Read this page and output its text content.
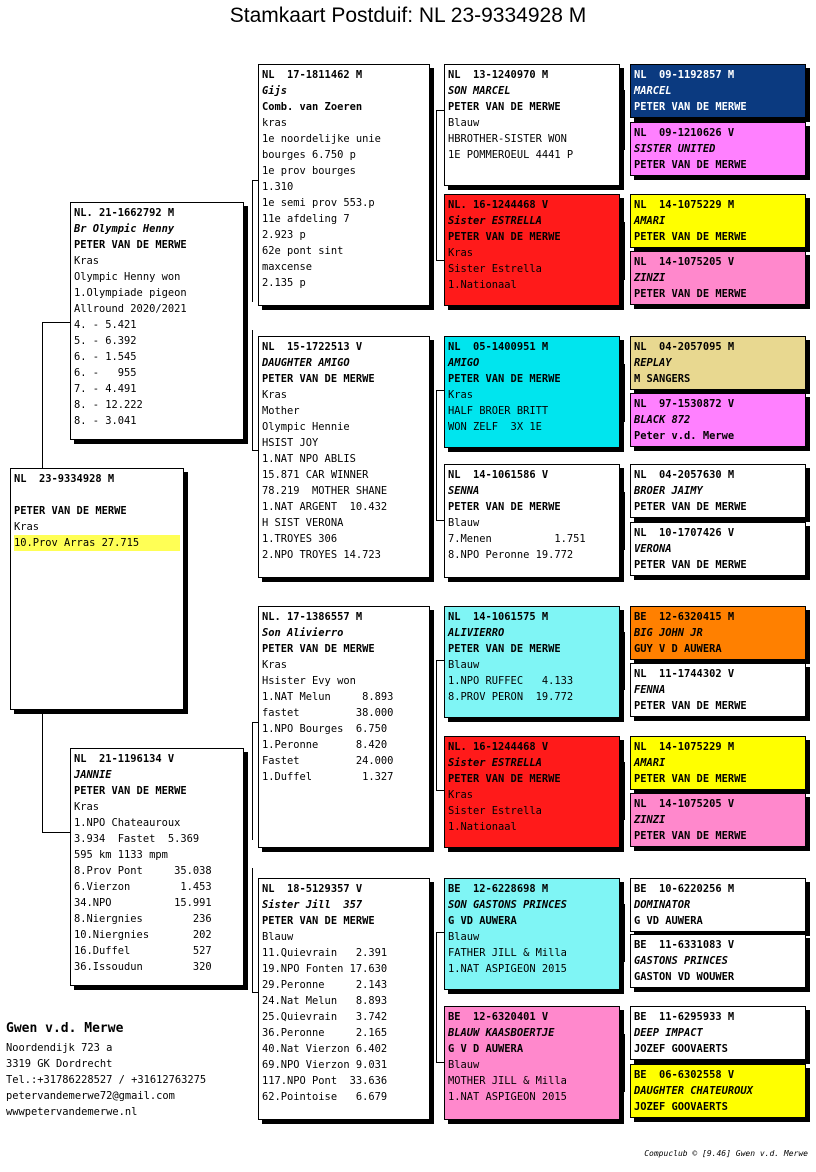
Stamkaart Postduif: NL 23-9334928 M
NL  23-9334928 M
PETER VAN DE MERWE
Kras
10.Prov Arras 27.715
NL. 21-1662792 M
Br Olympic Henny
PETER VAN DE MERWE
Kras
Olympic Henny won
1.Olympiade pigeon
Allround 2020/2021
4. - 5.421
5. - 6.392
6. - 1.545
6. -   955
7. - 4.491
8. - 12.222
8. - 3.041
NL  21-1196134 V
JANNIE
PETER VAN DE MERWE
Kras
1.NPO Chateauroux
3.934  Fastet  5.369
595 km 1133 mpm
8.Prov Pont     35.038
6.Vierzon        1.453
34.NPO          15.991
8.Niergnies        236
10.Niergnies       202
16.Duffel          527
36.Issoudun        320
NL  17-1811462 M
Gijs
Comb. van Zoeren
kras
1e noordelijke unie
bourges 6.750 p
1e prov bourges
1.310
1e semi prov 553.p
11e afdeling 7
2.923 p
62e pont sint
maxcense
2.135 p
NL  15-1722513 V
DAUGHTER AMIGO
PETER VAN DE MERWE
Kras
Mother
Olympic Hennie
HSIST JOY
1.NAT NPO ABLIS
15.871 CAR WINNER
78.219  MOTHER SHANE
1.NAT ARGENT  10.432
H SIST VERONA
1.TROYES 306
2.NPO TROYES 14.723
NL. 17-1386557 M
Son Alivierro
PETER VAN DE MERWE
Kras
Hsister Evy won
1.NAT Melun     8.893
fastet         38.000
1.NPO Bourges  6.750
1.Peronne      8.420
Fastet         24.000
1.Duffel        1.327
NL  18-5129357 V
Sister Jill  357
PETER VAN DE MERWE
Blauw
11.Quievrain   2.391
19.NPO Fonten 17.630
29.Peronne     2.143
24.Nat Melun   8.893
25.Quievrain   3.742
36.Peronne     2.165
40.Nat Vierzon 6.402
69.NPO Vierzon 9.031
117.NPO Pont  33.636
62.Pointoise   6.679
NL  13-1240970 M
SON MARCEL
PETER VAN DE MERWE
Blauw
HBROTHER-SISTER WON
1E POMMEROEUL 4441 P
NL. 16-1244468 V
Sister ESTRELLA
PETER VAN DE MERWE
Kras
Sister Estrella
1.Nationaal
NL  05-1400951 M
AMIGO
PETER VAN DE MERWE
Kras
HALF BROER BRITT
WON ZELF  3X 1E
NL  14-1061586 V
SENNA
PETER VAN DE MERWE
Blauw
7.Menen          1.751
8.NPO Peronne 19.772
NL  14-1061575 M
ALIVIERRO
PETER VAN DE MERWE
Blauw
1.NPO RUFFEC   4.133
8.PROV PERON  19.772
NL. 16-1244468 V
Sister ESTRELLA
PETER VAN DE MERWE
Kras
Sister Estrella
1.Nationaal
BE  12-6228698 M
SON GASTONS PRINCES
G VD AUWERA
Blauw
FATHER JILL & Milla
1.NAT ASPIGEON 2015
BE  12-6320401 V
BLAUW KAASBOERTJE
G V D AUWERA
Blauw
MOTHER JILL & Milla
1.NAT ASPIGEON 2015
NL  09-1192857 M
MARCEL
PETER VAN DE MERWE
NL  09-1210626 V
SISTER UNITED
PETER VAN DE MERWE
NL  14-1075229 M
AMARI
PETER VAN DE MERWE
NL  14-1075205 V
ZINZI
PETER VAN DE MERWE
NL  04-2057095 M
REPLAY
M SANGERS
NL  97-1530872 V
BLACK 872
Peter v.d. Merwe
NL  04-2057630 M
BROER JAIMY
PETER VAN DE MERWE
NL  10-1707426 V
VERONA
PETER VAN DE MERWE
BE  12-6320415 M
BIG JOHN JR
GUY V D AUWERA
NL  11-1744302 V
FENNA
PETER VAN DE MERWE
NL  14-1075229 M
AMARI
PETER VAN DE MERWE
NL  14-1075205 V
ZINZI
PETER VAN DE MERWE
BE  10-6220256 M
DOMINATOR
G VD AUWERA
BE  11-6331083 V
GASTONS PRINCES
GASTON VD WOUWER
BE  11-6295933 M
DEEP IMPACT
JOZEF GOOVAERTS
BE  06-6302558 V
DAUGHTER CHATEUROUX
JOZEF GOOVAERTS
Gwen v.d. Merwe
Noordendijk 723 a
3319 GK Dordrecht
Tel.:+31786228527 / +31612763275
petervandemerwe72@gmail.com
wwwpetervandemerwe.nl
Compuclub © [9.46] Gwen v.d. Merwe
